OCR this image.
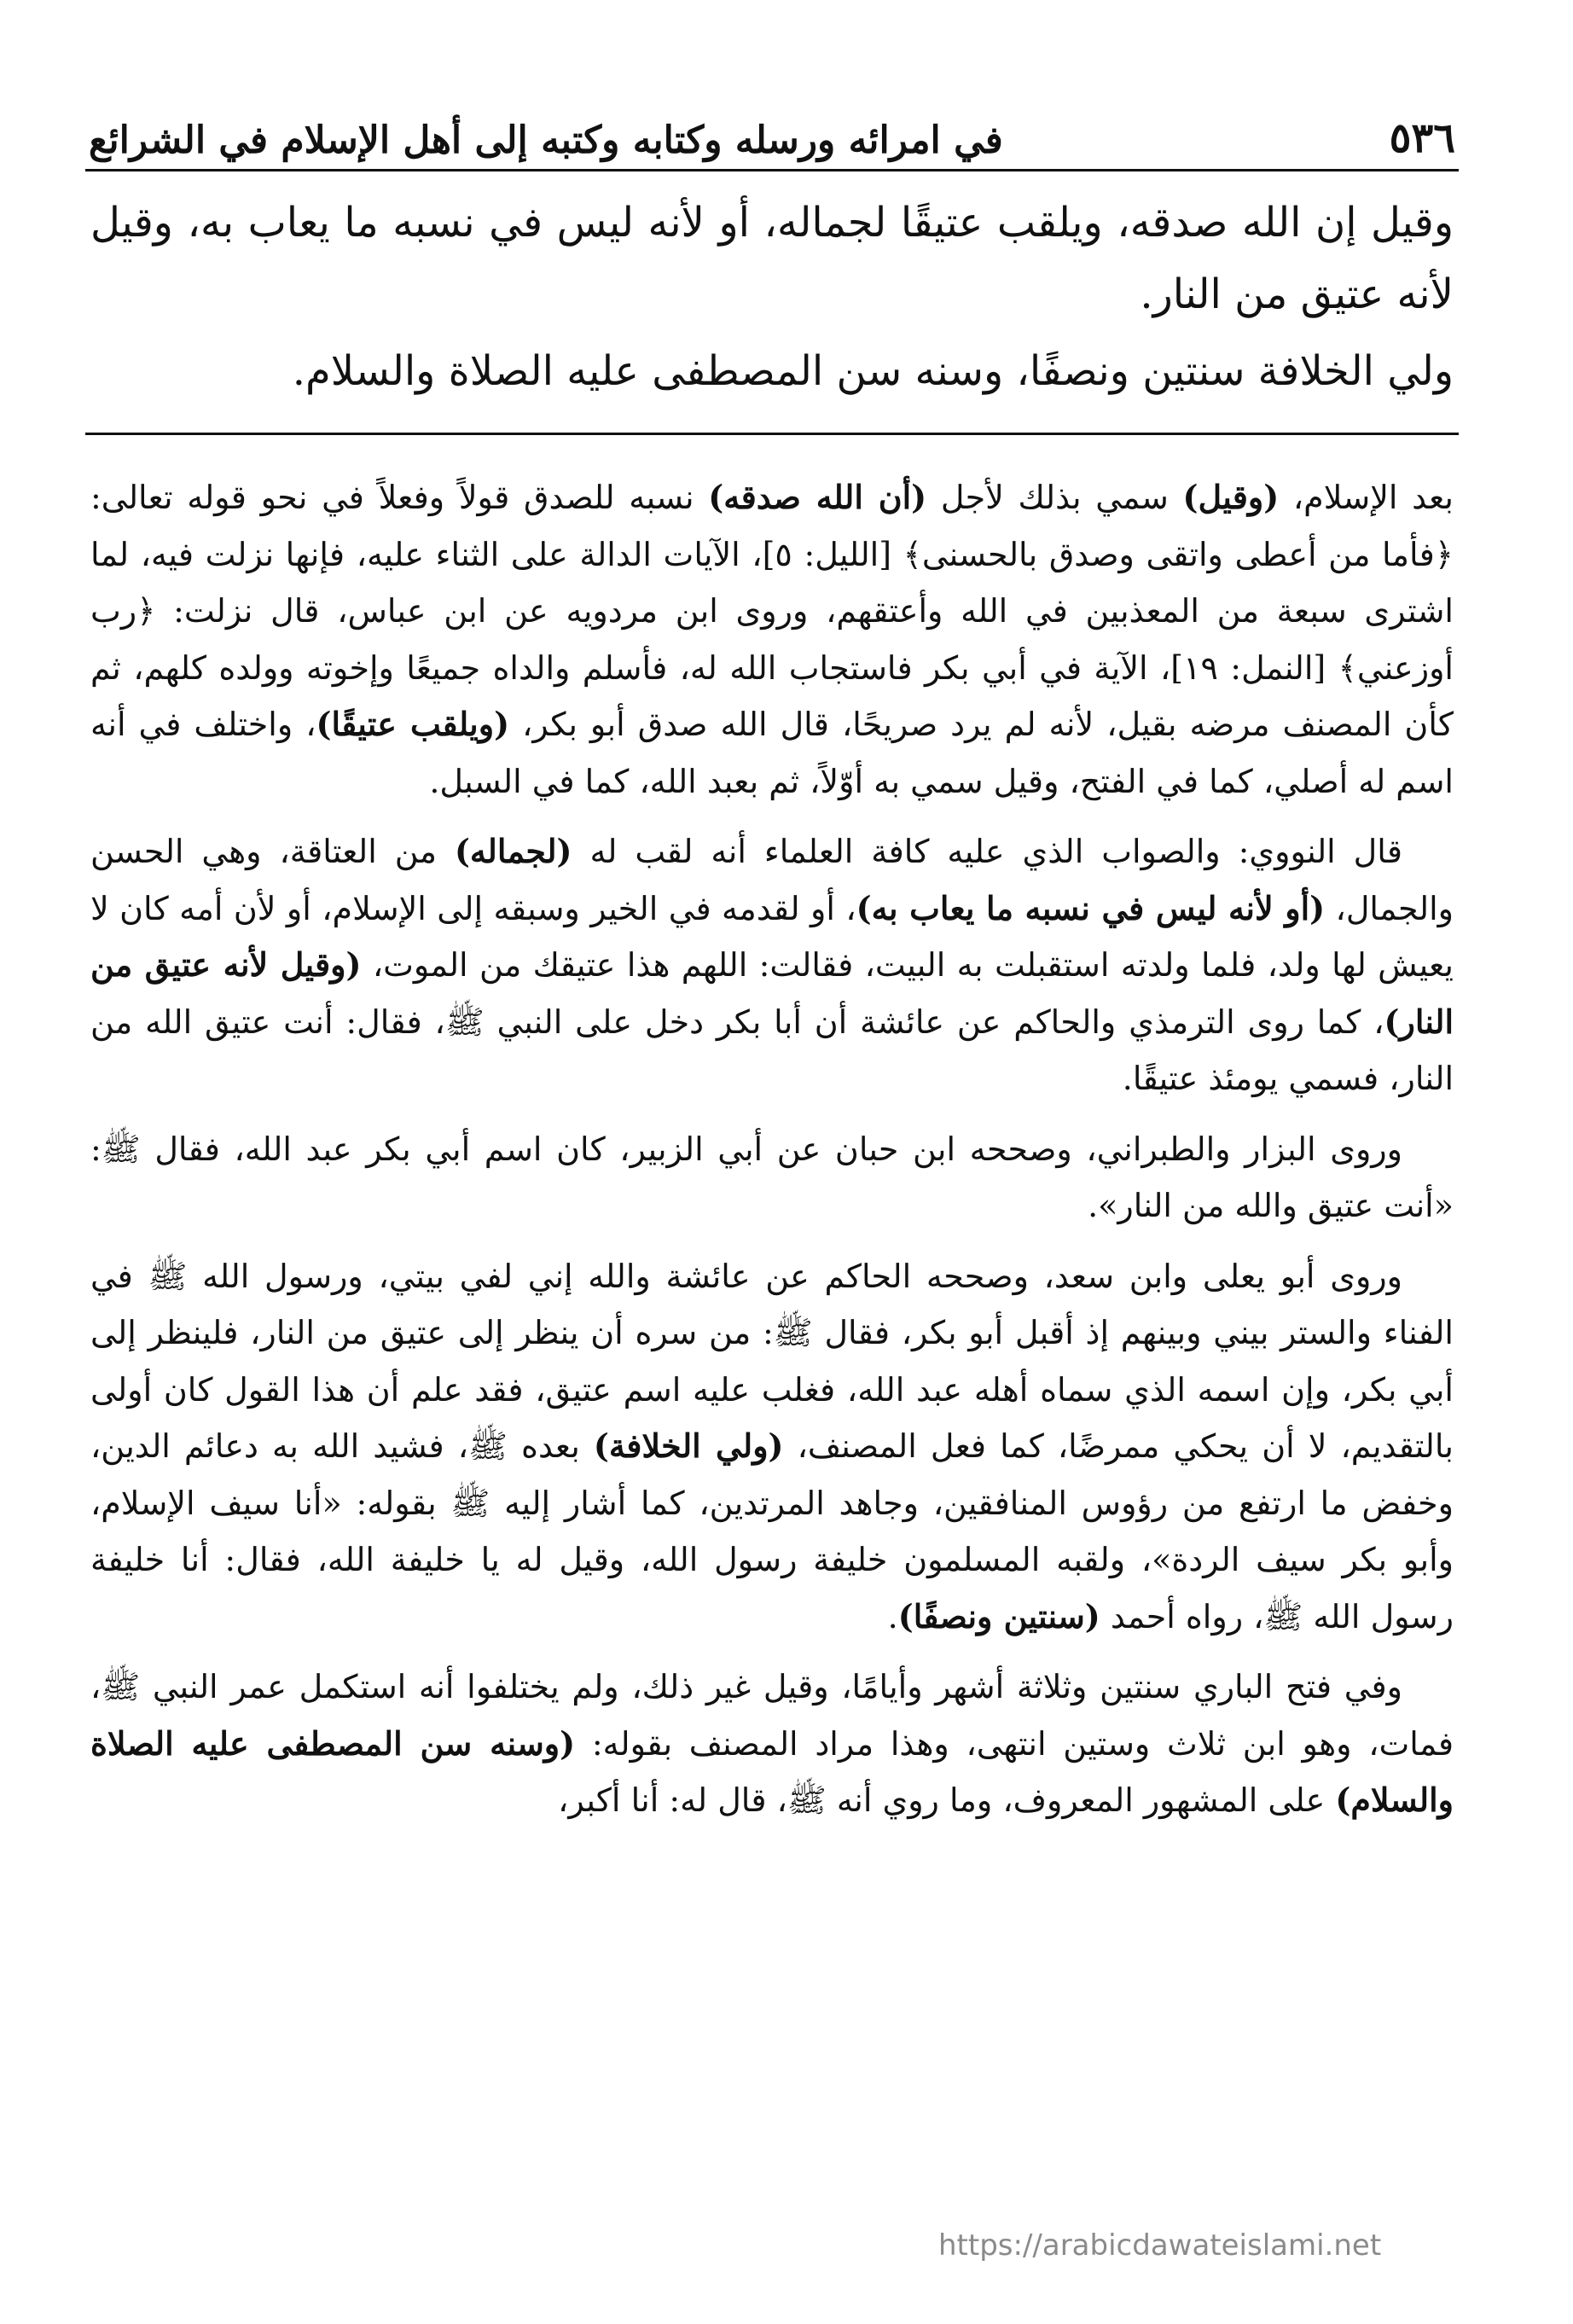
٥٣٦
في امرائه ورسله وكتابه وكتبه إلى أهل الإسلام في الشرائع

وقيل إن الله صدقه، ويلقب عتيقًا لجماله، أو لأنه ليس في نسبه ما يعاب به، وقيل لأنه عتيق من النار.

ولي الخلافة سنتين ونصفًا، وسنه سن المصطفى عليه الصلاة والسلام.

بعد الإسلام، (وقيل) سمي بذلك لأجل (أن الله صدقه) نسبه للصدق قولاً وفعلاً في نحو قوله تعالى: ﴿فأما من أعطى واتقى وصدق بالحسنى﴾ [الليل: ٥]، الآيات الدالة على الثناء عليه، فإنها نزلت فيه، لما اشترى سبعة من المعذبين في الله وأعتقهم، وروى ابن مردويه عن ابن عباس، قال نزلت: ﴿رب أوزعني﴾ [النمل: ١٩]، الآية في أبي بكر فاستجاب الله له، فأسلم والداه جميعًا وإخوته وولده كلهم، ثم كأن المصنف مرضه بقيل، لأنه لم يرد صريحًا، قال الله صدق أبو بكر، (ويلقب عتيقًا)، واختلف في أنه اسم له أصلي، كما في الفتح، وقيل سمي به أوّلاً، ثم بعبد الله، كما في السبل.

قال النووي: والصواب الذي عليه كافة العلماء أنه لقب له (لجماله) من العتاقة، وهي الحسن والجمال، (أو لأنه ليس في نسبه ما يعاب به)، أو لقدمه في الخير وسبقه إلى الإسلام، أو لأن أمه كان لا يعيش لها ولد، فلما ولدته استقبلت به البيت، فقالت: اللهم هذا عتيقك من الموت، (وقيل لأنه عتيق من النار)، كما روى الترمذي والحاكم عن عائشة أن أبا بكر دخل على النبي ﷺ، فقال: أنت عتيق الله من النار، فسمي يومئذ عتيقًا.

وروى البزار والطبراني، وصححه ابن حبان عن أبي الزبير، كان اسم أبي بكر عبد الله، فقال ﷺ: «أنت عتيق والله من النار».

وروى أبو يعلى وابن سعد، وصححه الحاكم عن عائشة والله إني لفي بيتي، ورسول الله ﷺ في الفناء والستر بيني وبينهم إذ أقبل أبو بكر، فقال ﷺ: من سره أن ينظر إلى عتيق من النار، فلينظر إلى أبي بكر، وإن اسمه الذي سماه أهله عبد الله، فغلب عليه اسم عتيق، فقد علم أن هذا القول كان أولى بالتقديم، لا أن يحكي ممرضًا، كما فعل المصنف، (ولي الخلافة) بعده ﷺ، فشيد الله به دعائم الدين، وخفض ما ارتفع من رؤوس المنافقين، وجاهد المرتدين، كما أشار إليه ﷺ بقوله: «أنا سيف الإسلام، وأبو بكر سيف الردة»، ولقبه المسلمون خليفة رسول الله، وقيل له يا خليفة الله، فقال: أنا خليفة رسول الله ﷺ، رواه أحمد (سنتين ونصفًا).

وفي فتح الباري سنتين وثلاثة أشهر وأيامًا، وقيل غير ذلك، ولم يختلفوا أنه استكمل عمر النبي ﷺ، فمات، وهو ابن ثلاث وستين انتهى، وهذا مراد المصنف بقوله: (وسنه سن المصطفى عليه الصلاة والسلام) على المشهور المعروف، وما روي أنه ﷺ، قال له: أنا أكبر،

https://arabicdawateislami.net
